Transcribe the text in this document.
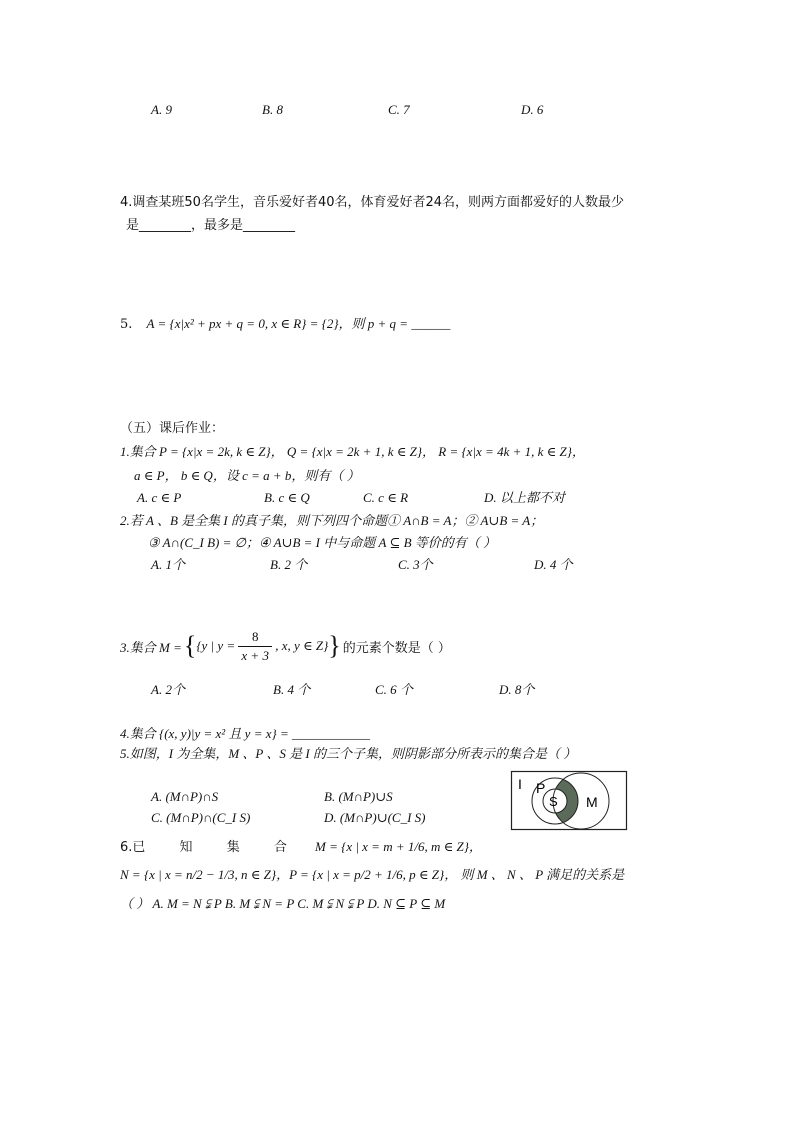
A. 9	B. 8	C. 7	D. 6
4.调查某班50名学生，音乐爱好者40名，体育爱好者24名，则两方面都爱好的人数最少
是________，最多是________
5. A = {x|x² + px + q = 0, x ∈ R} = {2}，则 p + q = ______
（五）课后作业：
1.集合 P = {x|x = 2k, k ∈ Z}， Q = {x|x = 2k + 1, k ∈ Z}， R = {x|x = 4k + 1, k ∈ Z}，
a ∈ P， b ∈ Q，设 c = a + b，则有（ ）
A. c ∈ P	B. c ∈ Q	C. c ∈ R	D. 以上都不对
2.若 A 、B 是全集 I 的真子集，则下列四个命题① A∩B = A；② A∪B = A；
③ A∩(C_I B) = ∅；④ A∪B = I 中与命题 A ⊆ B 等价的有（ ）
A. 1个	B. 2 个	C. 3个	D. 4 个
3.集合 M = { {y | y =
8
x + 3
, x, y ∈ Z} } 的元素个数是（ ）
A. 2个	B. 4 个	C. 6 个	D. 8个
4.集合 {(x, y)|y = x² 且 y = x} = ____________
5.如图，I 为全集，M 、P 、S 是 I 的三个子集，则阴影部分所表示的集合是（ ）
A. (M∩P)∩S	B. (M∩P)∪S
C. (M∩P)∩(C_I S)	D. (M∩P)∪(C_I S)
I P
S M
6.已	知	集	合 M = {x | x = m + 1/6, m ∈ Z}，
N = {x | x = n/2 − 1/3, n ∈ Z}，P = {x | x = p/2 + 1/6, p ∈ Z}， 则 M 、 N 、 P 满足的关系是
（ ） A. M = N ⫋ P B. M ⫋ N = P C. M ⫋ N ⫋ P D. N ⊆ P ⊆ M
